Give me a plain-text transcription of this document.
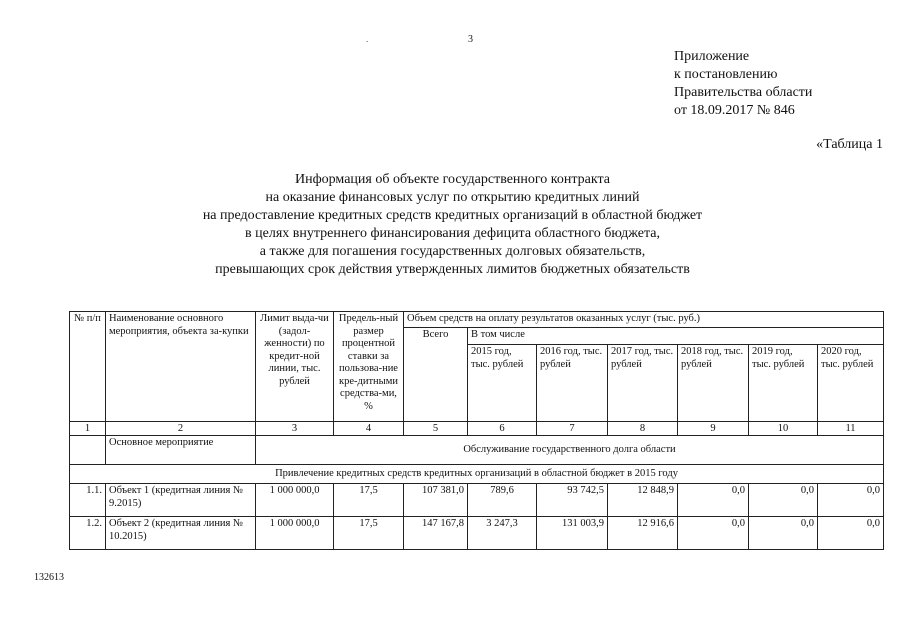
.	3
Приложение
к постановлению
Правительства области
от 18.09.2017 № 846
«Таблица 1
Информация об объекте государственного контракта
на оказание финансовых услуг по открытию кредитных линий
на предоставление кредитных средств кредитных организаций в областной бюджет
в целях внутреннего финансирования дефицита областного бюджета,
а также для погашения государственных долговых обязательств,
превышающих срок действия утвержденных лимитов бюджетных обязательств
№ п/п	Наименование основного мероприятия, объекта за-купки	Лимит выда-чи (задол-женности) по кредит-ной линии, тыс. рублей	Предель-ный размер процентной ставки за пользова-ние кре-дитными средства-ми, %	Объем средств на оплату результатов оказанных услуг (тыс. руб.)						
				Всего	В том числе					
					2015 год, тыс. рублей	2016 год, тыс. рублей	2017 год, тыс. рублей	2018 год, тыс. рублей	2019 год, тыс. рублей	2020 год, тыс. рублей
1	2	3	4	5	6	7	8	9	10	11
	Основное мероприятие	Обслуживание государственного долга области								
Привлечение кредитных средств кредитных организаций в областной бюджет в 2015 году										
1.1.	Объект 1 (кредитная линия № 9.2015)	1 000 000,0	17,5	107 381,0	789,6	93 742,5	12 848,9	0,0	0,0	0,0
1.2.	Объект 2 (кредитная линия № 10.2015)	1 000 000,0	17,5	147 167,8	3 247,3	131 003,9	12 916,6	0,0	0,0	0,0
132613
